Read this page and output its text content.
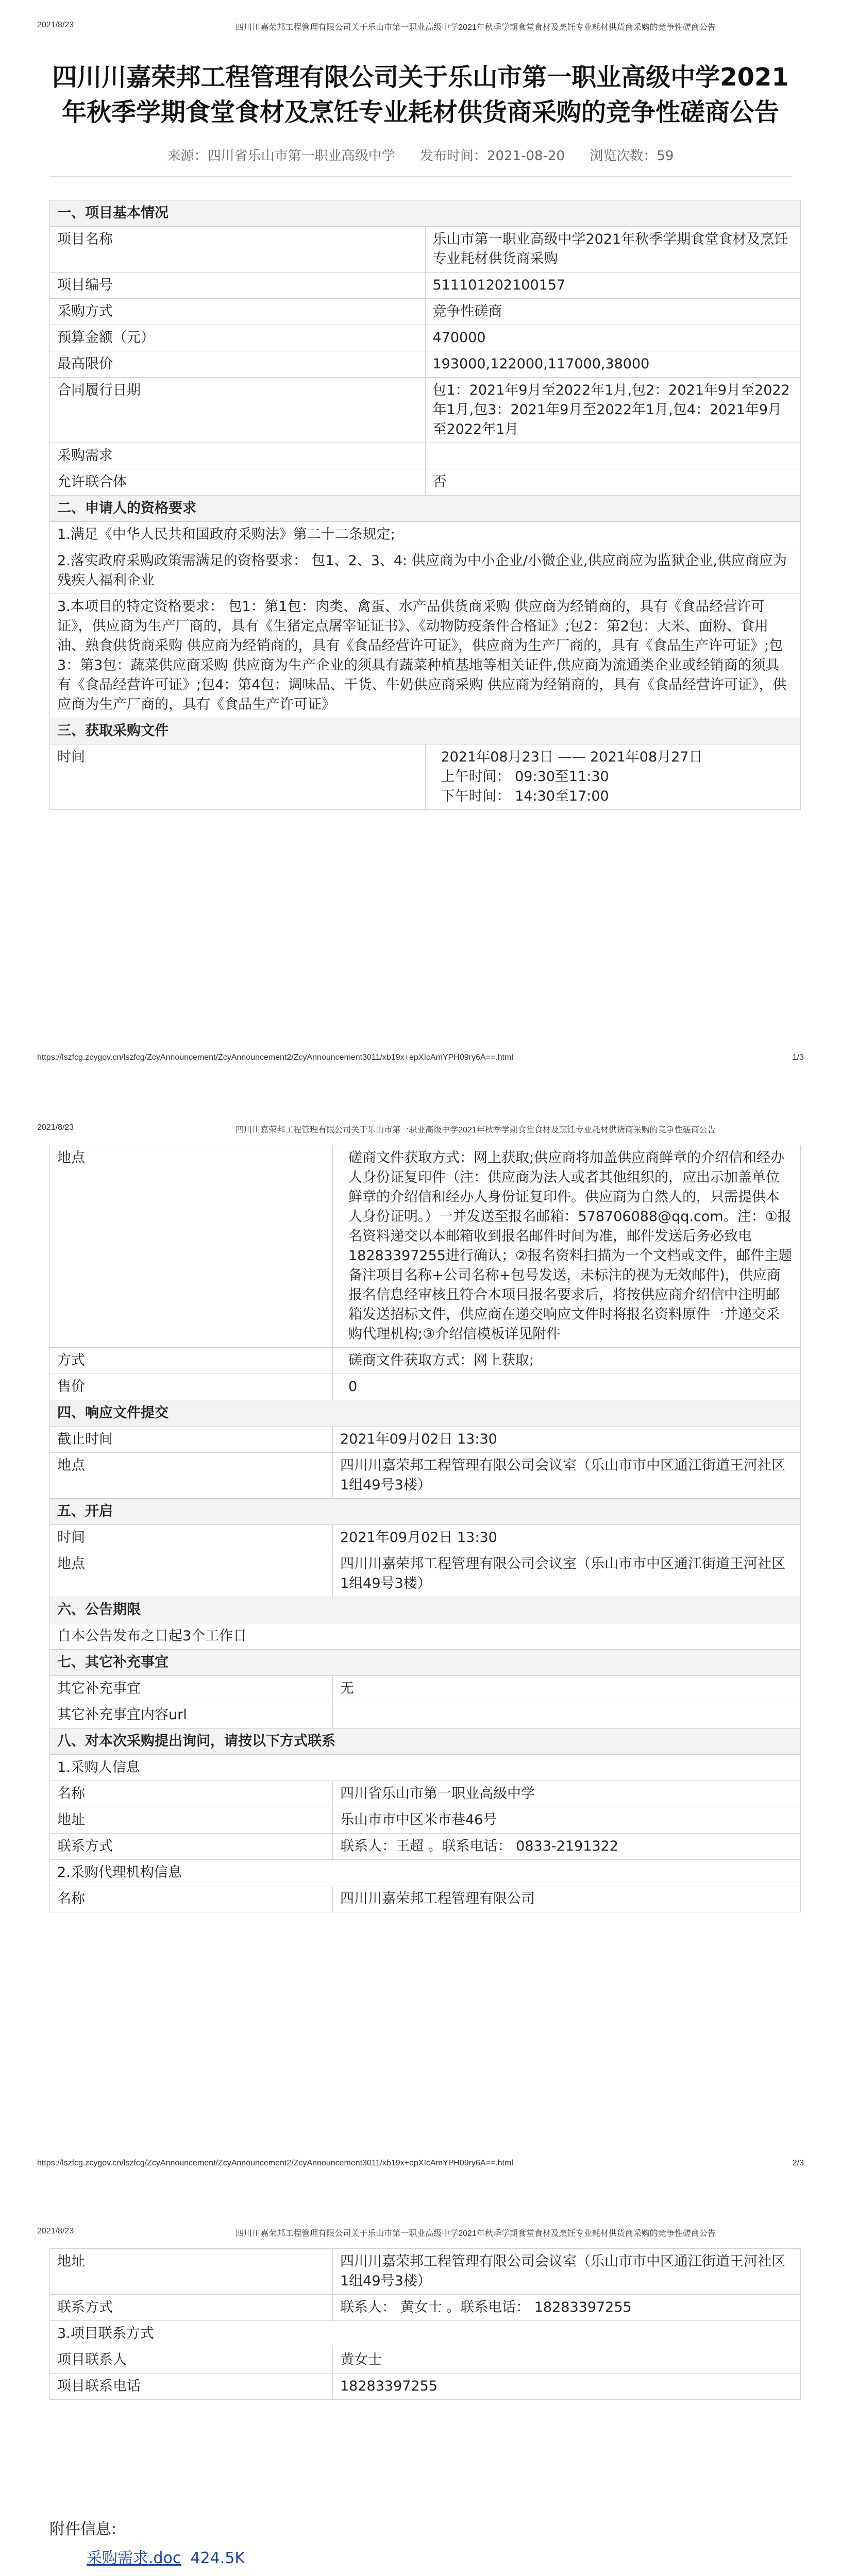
2021/8/23	四川川嘉荣邦工程管理有限公司关于乐山市第一职业高级中学2021年秋季学期食堂食材及烹饪专业耗材供货商采购的竞争性磋商公告
四川川嘉荣邦工程管理有限公司关于乐山市第一职业高级中学2021年秋季学期食堂食材及烹饪专业耗材供货商采购的竞争性磋商公告
来源：四川省乐山市第一职业高级中学 发布时间：2021-08-20 浏览次数：59
一、项目基本情况	
项目名称	乐山市第一职业高级中学2021年秋季学期食堂食材及烹饪专业耗材供货商采购
项目编号	511101202100157
采购方式	竞争性磋商
预算金额（元）	470000
最高限价	193000,122000,117000,38000
合同履行日期	包1：2021年9月至2022年1月,包2：2021年9月至2022年1月,包3：2021年9月至2022年1月,包4：2021年9月至2022年1月
采购需求	
允许联合体	否
二、申请人的资格要求	
1.满足《中华人民共和国政府采购法》第二十二条规定;	
2.落实政府采购政策需满足的资格要求： 包1、2、3、4: 供应商为中小企业/小微企业,供应商应为监狱企业,供应商应为残疾人福利企业	
3.本项目的特定资格要求： 包1：第1包：肉类、禽蛋、水产品供货商采购 供应商为经销商的，具有《食品经营许可证》，供应商为生产厂商的，具有《生猪定点屠宰证证书》、《动物防疫条件合格证》;包2：第2包：大米、面粉、食用油、熟食供货商采购 供应商为经销商的，具有《食品经营许可证》，供应商为生产厂商的，具有《食品生产许可证》;包3：第3包：蔬菜供应商采购 供应商为生产企业的须具有蔬菜种植基地等相关证件,供应商为流通类企业或经销商的须具有《食品经营许可证》;包4：第4包：调味品、干货、牛奶供应商采购 供应商为经销商的，具有《食品经营许可证》，供应商为生产厂商的，具有《食品生产许可证》	
三、获取采购文件	
时间	2021年08月23日 —— 2021年08月27日
上午时间： 09:30至11:30
下午时间： 14:30至17:00
https://lszfcg.zcygov.cn/lszfcg/ZcyAnnouncement/ZcyAnnouncement2/ZcyAnnouncement3011/xb19x+epXIcAmYPH09ry6A==.html	1/3
2021/8/23	四川川嘉荣邦工程管理有限公司关于乐山市第一职业高级中学2021年秋季学期食堂食材及烹饪专业耗材供货商采购的竞争性磋商公告
地点	磋商文件获取方式：网上获取;供应商将加盖供应商鲜章的介绍信和经办人身份证复印件（注：供应商为法人或者其他组织的，应出示加盖单位鲜章的介绍信和经办人身份证复印件。供应商为自然人的，只需提供本人身份证明。）一并发送至报名邮箱：578706088@qq.com。注：①报名资料递交以本邮箱收到报名邮件时间为准，邮件发送后务必致电18283397255进行确认；②报名资料扫描为一个文档或文件，邮件主题备注项目名称+公司名称+包号发送，未标注的视为无效邮件)，供应商报名信息经审核且符合本项目报名要求后，将按供应商介绍信中注明邮箱发送招标文件，供应商在递交响应文件时将报名资料原件一并递交采购代理机构;③介绍信模板详见附件

方式	磋商文件获取方式：网上获取;

售价	0

四、响应文件提交	
截止时间	2021年09月02日 13:30
地点	四川川嘉荣邦工程管理有限公司会议室（乐山市市中区通江街道王河社区1组49号3楼）
五、开启	
时间	2021年09月02日 13:30
地点	四川川嘉荣邦工程管理有限公司会议室（乐山市市中区通江街道王河社区1组49号3楼）
六、公告期限	
自本公告发布之日起3个工作日	
七、其它补充事宜	
其它补充事宜	无
其它补充事宜内容url	
八、对本次采购提出询问，请按以下方式联系	
1.采购人信息	
名称	四川省乐山市第一职业高级中学
地址	乐山市市中区米市巷46号
联系方式	联系人：王超 。联系电话： 0833-2191322
2.采购代理机构信息	
名称	四川川嘉荣邦工程管理有限公司
https://lszfcg.zcygov.cn/lszfcg/ZcyAnnouncement/ZcyAnnouncement2/ZcyAnnouncement3011/xb19x+epXIcAmYPH09ry6A==.html	2/3
2021/8/23	四川川嘉荣邦工程管理有限公司关于乐山市第一职业高级中学2021年秋季学期食堂食材及烹饪专业耗材供货商采购的竞争性磋商公告
地址	四川川嘉荣邦工程管理有限公司会议室（乐山市市中区通江街道王河社区1组49号3楼）
联系方式	联系人： 黄女士 。联系电话： 18283397255
3.项目联系方式	
项目联系人	黄女士
项目联系电话	18283397255
附件信息:
采购需求.doc 424.5K
